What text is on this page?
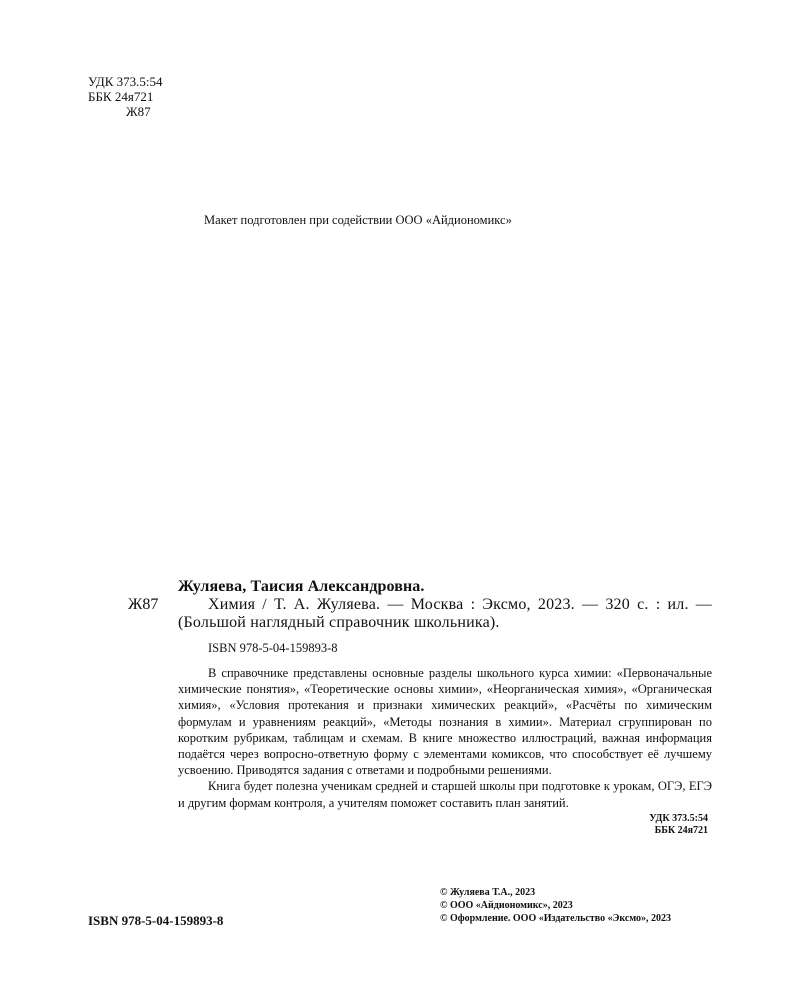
УДК 373.5:54
ББК 24я721
Ж87
Макет подготовлен при содействии ООО «Айдиономикс»
Ж87
Жуляева, Таисия Александровна.
Химия / Т. А. Жуляева. — Москва : Эксмо, 2023. — 320 с. : ил. — (Большой наглядный справочник школьника).
ISBN 978-5-04-159893-8

В справочнике представлены основные разделы школьного курса химии: «Первоначальные химические понятия», «Теоретические основы химии», «Неорганическая химия», «Органическая химия», «Условия протекания и признаки химических реакций», «Расчёты по химическим формулам и уравнениям реакций», «Методы познания в химии». Материал сгруппирован по коротким рубрикам, таблицам и схемам. В книге множество иллюстраций, важная информация подаётся через вопросно-ответную форму с элементами комиксов, что способствует её лучшему усвоению. Приводятся задания с ответами и подробными решениями.

Книга будет полезна ученикам средней и старшей школы при подготовке к урокам, ОГЭ, ЕГЭ и другим формам контроля, а учителям поможет составить план занятий.

УДК 373.5:54
ББК 24я721
ISBN 978-5-04-159893-8
© Жуляева Т.А., 2023
© ООО «Айдиономикс», 2023
© Оформление. ООО «Издательство «Эксмо», 2023
